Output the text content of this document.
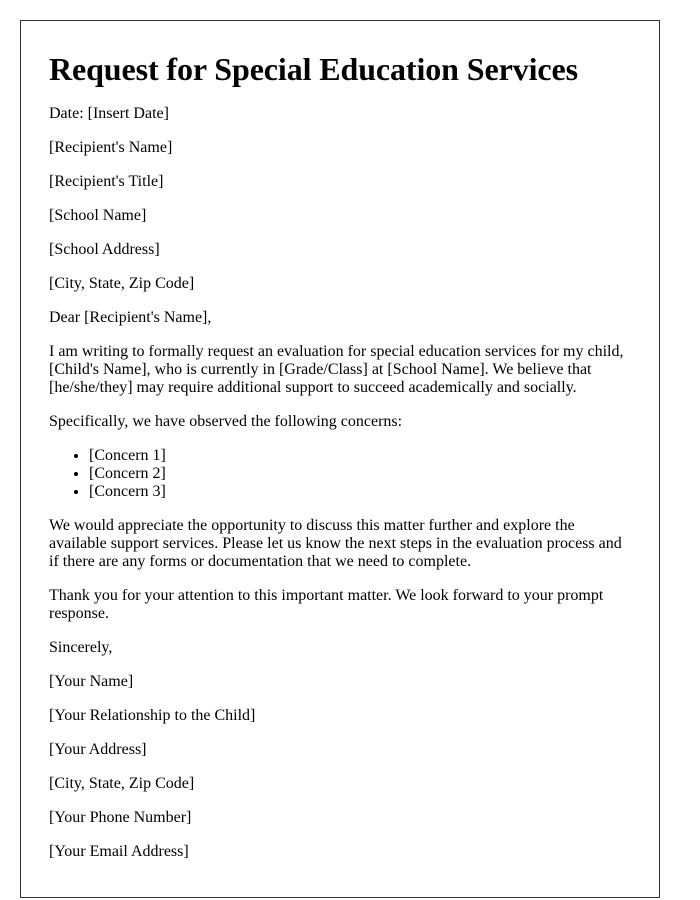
Request for Special Education Services

Date: [Insert Date]

[Recipient's Name]

[Recipient's Title]

[School Name]

[School Address]

[City, State, Zip Code]

Dear [Recipient's Name],

I am writing to formally request an evaluation for special education services for my child, [Child's Name], who is currently in [Grade/Class] at [School Name]. We believe that [he/she/they] may require additional support to succeed academically and socially.

Specifically, we have observed the following concerns:

• [Concern 1]
• [Concern 2]
• [Concern 3]

We would appreciate the opportunity to discuss this matter further and explore the available support services. Please let us know the next steps in the evaluation process and if there are any forms or documentation that we need to complete.

Thank you for your attention to this important matter. We look forward to your prompt response.

Sincerely,

[Your Name]

[Your Relationship to the Child]

[Your Address]

[City, State, Zip Code]

[Your Phone Number]

[Your Email Address]
